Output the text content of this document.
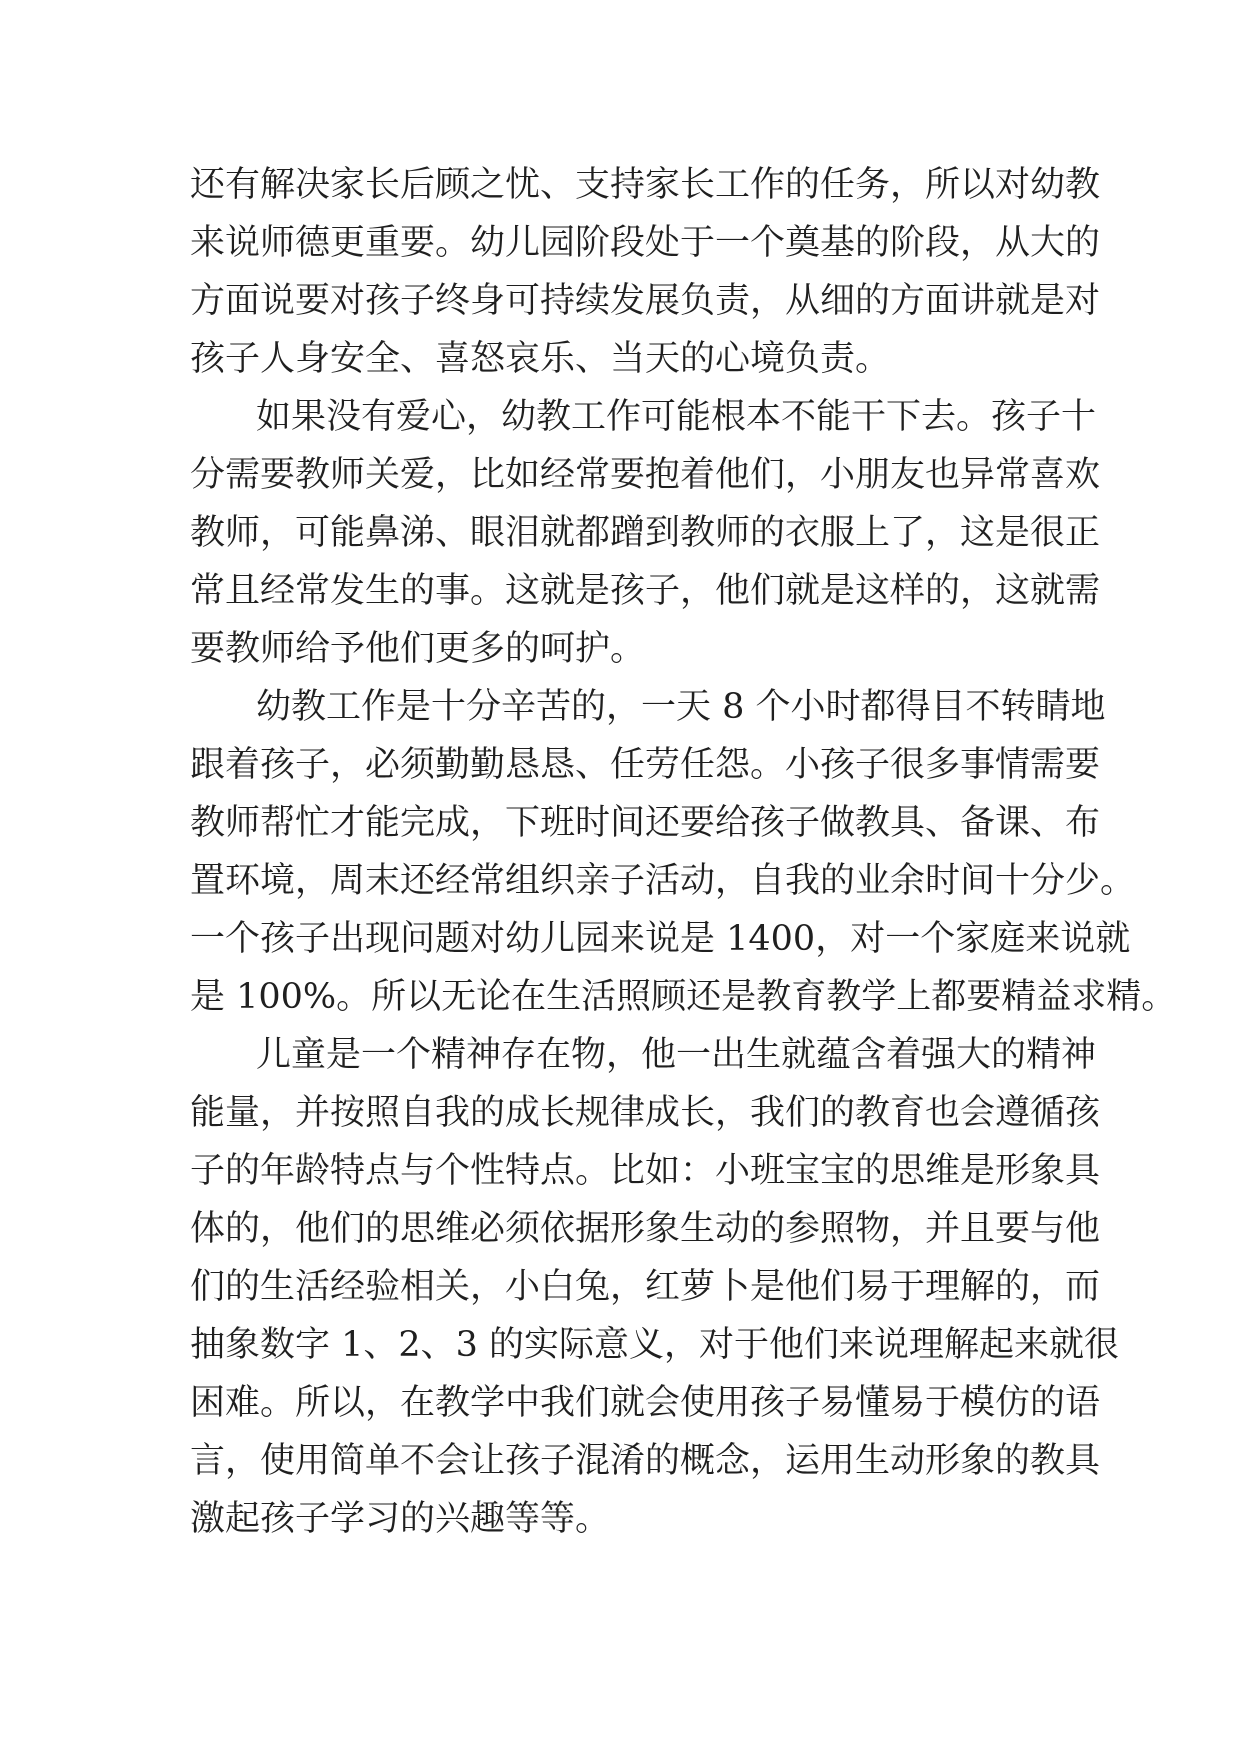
还有解决家长后顾之忧、支持家长工作的任务，所以对幼教
来说师德更重要。幼儿园阶段处于一个奠基的阶段，从大的
方面说要对孩子终身可持续发展负责，从细的方面讲就是对
孩子人身安全、喜怒哀乐、当天的心境负责。
如果没有爱心，幼教工作可能根本不能干下去。孩子十
分需要教师关爱，比如经常要抱着他们，小朋友也异常喜欢
教师，可能鼻涕、眼泪就都蹭到教师的衣服上了，这是很正
常且经常发生的事。这就是孩子，他们就是这样的，这就需
要教师给予他们更多的呵护。
幼教工作是十分辛苦的，一天 8 个小时都得目不转睛地
跟着孩子，必须勤勤恳恳、任劳任怨。小孩子很多事情需要
教师帮忙才能完成，下班时间还要给孩子做教具、备课、布
置环境，周末还经常组织亲子活动，自我的业余时间十分少。
一个孩子出现问题对幼儿园来说是 1400，对一个家庭来说就
是 100%。所以无论在生活照顾还是教育教学上都要精益求精。
儿童是一个精神存在物，他一出生就蕴含着强大的精神
能量，并按照自我的成长规律成长，我们的教育也会遵循孩
子的年龄特点与个性特点。比如：小班宝宝的思维是形象具
体的，他们的思维必须依据形象生动的参照物，并且要与他
们的生活经验相关，小白兔，红萝卜是他们易于理解的，而
抽象数字 1、2、3 的实际意义，对于他们来说理解起来就很
困难。所以，在教学中我们就会使用孩子易懂易于模仿的语
言，使用简单不会让孩子混淆的概念，运用生动形象的教具
激起孩子学习的兴趣等等。
